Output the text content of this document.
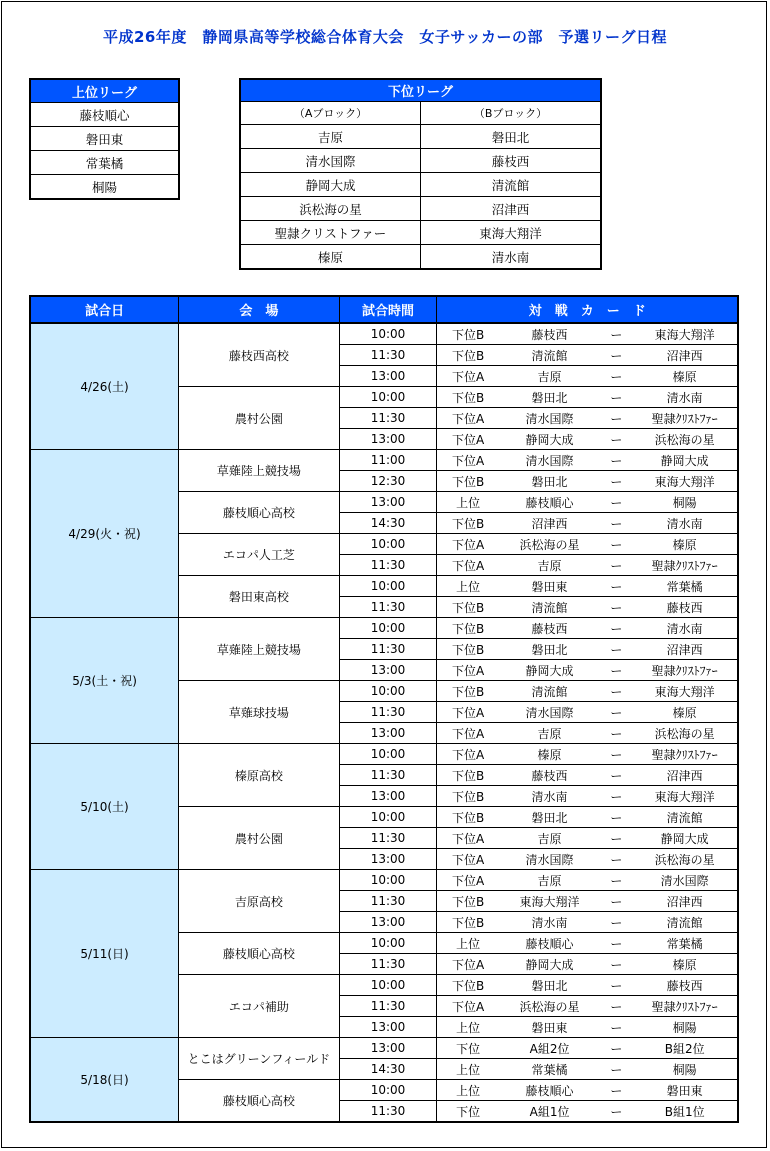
平成26年度　静岡県高等学校総合体育大会　女子サッカーの部　予選リーグ日程
上位リーグ
藤枝順心
磐田東
常葉橘
桐陽
下位リーグ	
（Aブロック）	（Bブロック）
吉原	磐田北
清水国際	藤枝西
静岡大成	清流館
浜松海の星	沼津西
聖隷クリストファー	東海大翔洋
榛原	清水南
試合日	会　場	試合時間	対　戦　カ　ー　ド			
4/26(土)	藤枝西高校	10:00	下位B	藤枝西	ー	東海大翔洋
		11:30	下位B	清流館	ー	沼津西
		13:00	下位A	吉原	ー	榛原
	農村公園	10:00	下位B	磐田北	ー	清水南
		11:30	下位A	清水国際	ー	聖隷ｸﾘｽﾄﾌｧｰ
		13:00	下位A	静岡大成	ー	浜松海の星
4/29(火・祝)	草薙陸上競技場	11:00	下位A	清水国際	ー	静岡大成
		12:30	下位B	磐田北	ー	東海大翔洋
	藤枝順心高校	13:00	上位	藤枝順心	ー	桐陽
		14:30	下位B	沼津西	ー	清水南
	エコパ人工芝	10:00	下位A	浜松海の星	ー	榛原
		11:30	下位A	吉原	ー	聖隷ｸﾘｽﾄﾌｧｰ
	磐田東高校	10:00	上位	磐田東	ー	常葉橘
		11:30	下位B	清流館	ー	藤枝西
5/3(土・祝)	草薙陸上競技場	10:00	下位B	藤枝西	ー	清水南
		11:30	下位B	磐田北	ー	沼津西
		13:00	下位A	静岡大成	ー	聖隷ｸﾘｽﾄﾌｧｰ
	草薙球技場	10:00	下位B	清流館	ー	東海大翔洋
		11:30	下位A	清水国際	ー	榛原
		13:00	下位A	吉原	ー	浜松海の星
5/10(土)	榛原高校	10:00	下位A	榛原	ー	聖隷ｸﾘｽﾄﾌｧｰ
		11:30	下位B	藤枝西	ー	沼津西
		13:00	下位B	清水南	ー	東海大翔洋
	農村公園	10:00	下位B	磐田北	ー	清流館
		11:30	下位A	吉原	ー	静岡大成
		13:00	下位A	清水国際	ー	浜松海の星
5/11(日)	吉原高校	10:00	下位A	吉原	ー	清水国際
		11:30	下位B	東海大翔洋	ー	沼津西
		13:00	下位B	清水南	ー	清流館
	藤枝順心高校	10:00	上位	藤枝順心	ー	常葉橘
		11:30	下位A	静岡大成	ー	榛原
	エコパ補助	10:00	下位B	磐田北	ー	藤枝西
		11:30	下位A	浜松海の星	ー	聖隷ｸﾘｽﾄﾌｧｰ
		13:00	上位	磐田東	ー	桐陽
5/18(日)	とこはグリーンフィールド	13:00	下位	A組2位	ー	B組2位
		14:30	上位	常葉橘	ー	桐陽
	藤枝順心高校	10:00	上位	藤枝順心	ー	磐田東
		11:30	下位	A組1位	ー	B組1位
